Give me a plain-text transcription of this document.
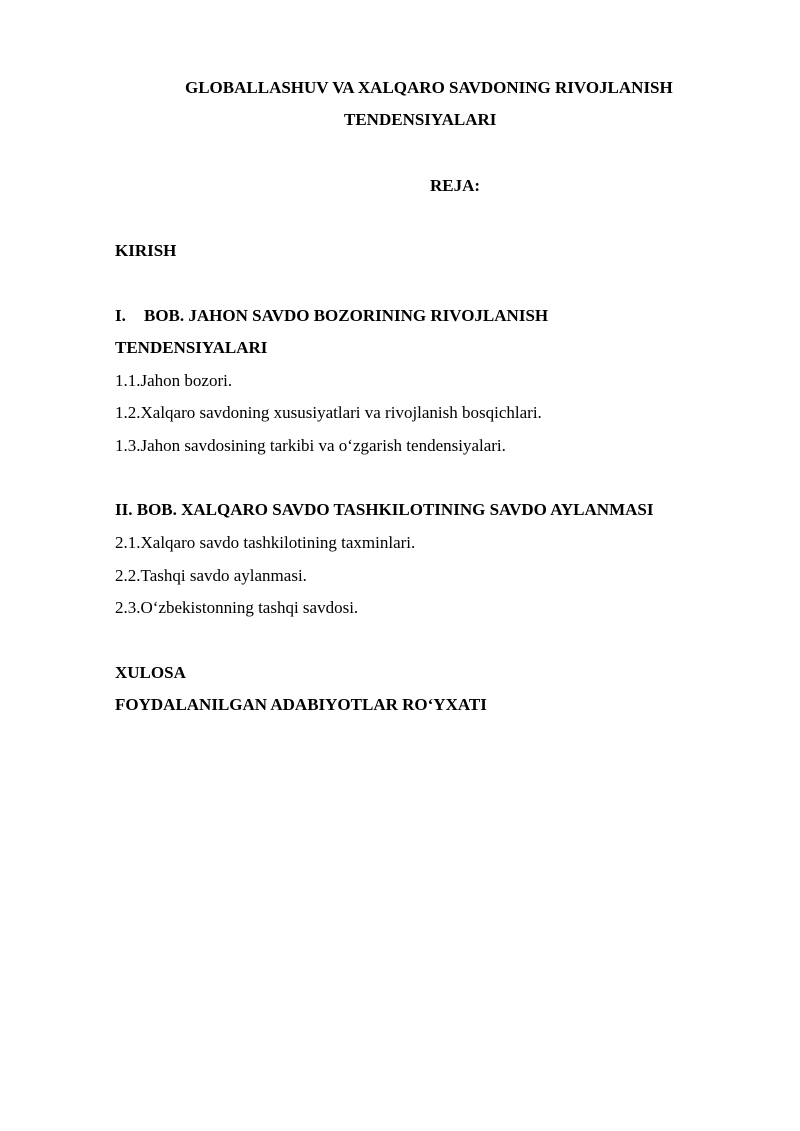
GLOBALLASHUV VA XALQARO SAVDONING RIVOJLANISH
TENDENSIYALARI
REJA:
KIRISH
I. BOB. JAHON SAVDO BOZORINING RIVOJLANISH
TENDENSIYALARI
1.1.Jahon bozori.
1.2.Xalqaro savdoning xususiyatlari va rivojlanish bosqichlari.
1.3.Jahon savdosining tarkibi va o‘zgarish tendensiyalari.
II. BOB. XALQARO SAVDO TASHKILOTINING SAVDO AYLANMASI
2.1.Xalqaro savdo tashkilotining taxminlari.
2.2.Tashqi savdo aylanmasi.
2.3.O‘zbekistonning tashqi savdosi.
XULOSA
FOYDALANILGAN ADABIYOTLAR RO‘YXATI
